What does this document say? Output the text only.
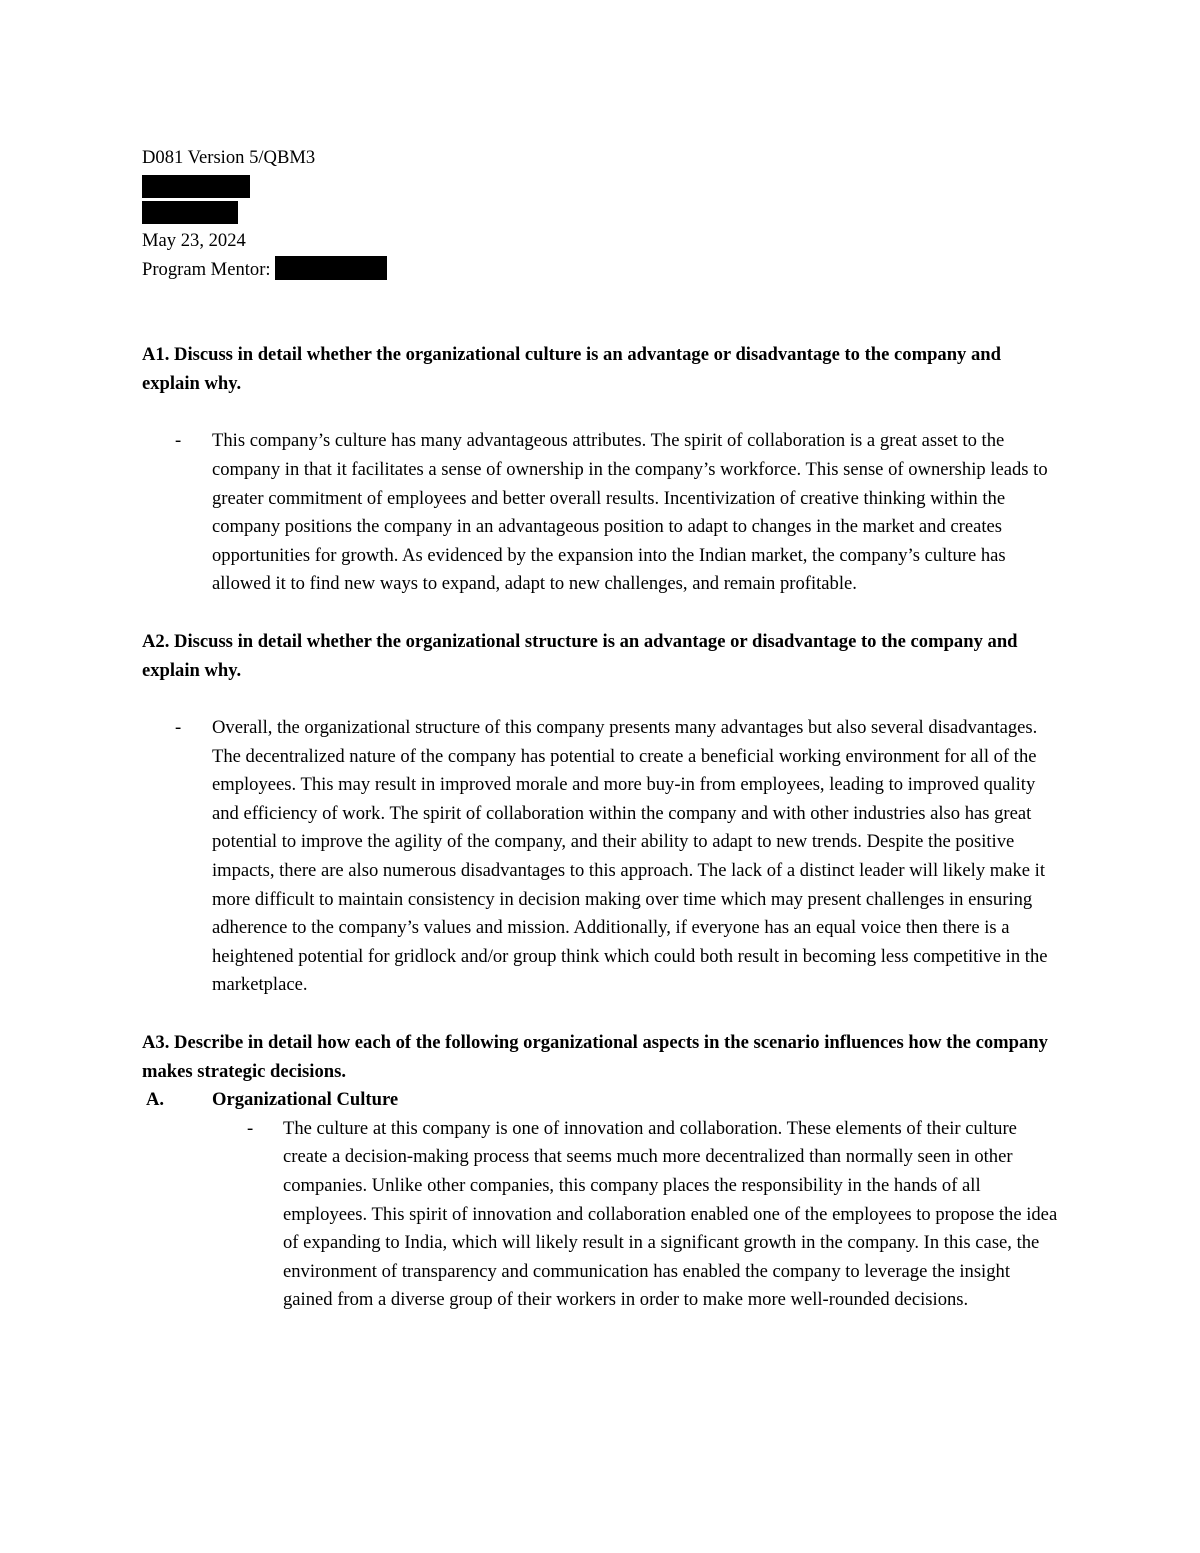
D081 Version 5/QBM3

May 23, 2024

Program Mentor:

A1. Discuss in detail whether the organizational culture is an advantage or disadvantage to the company and explain why.

- This company’s culture has many advantageous attributes. The spirit of collaboration is a great asset to the company in that it facilitates a sense of ownership in the company’s workforce. This sense of ownership leads to greater commitment of employees and better overall results. Incentivization of creative thinking within the company positions the company in an advantageous position to adapt to changes in the market and creates opportunities for growth. As evidenced by the expansion into the Indian market, the company’s culture has allowed it to find new ways to expand, adapt to new challenges, and remain profitable.

A2. Discuss in detail whether the organizational structure is an advantage or disadvantage to the company and explain why.

- Overall, the organizational structure of this company presents many advantages but also several disadvantages. The decentralized nature of the company has potential to create a beneficial working environment for all of the employees. This may result in improved morale and more buy-in from employees, leading to improved quality and efficiency of work. The spirit of collaboration within the company and with other industries also has great potential to improve the agility of the company, and their ability to adapt to new trends. Despite the positive impacts, there are also numerous disadvantages to this approach. The lack of a distinct leader will likely make it more difficult to maintain consistency in decision making over time which may present challenges in ensuring adherence to the company’s values and mission. Additionally, if everyone has an equal voice then there is a heightened potential for gridlock and/or group think which could both result in becoming less competitive in the marketplace.

A3. Describe in detail how each of the following organizational aspects in the scenario influences how the company makes strategic decisions.

A.	Organizational Culture

- The culture at this company is one of innovation and collaboration. These elements of their culture create a decision-making process that seems much more decentralized than normally seen in other companies. Unlike other companies, this company places the responsibility in the hands of all employees. This spirit of innovation and collaboration enabled one of the employees to propose the idea of expanding to India, which will likely result in a significant growth in the company. In this case, the environment of transparency and communication has enabled the company to leverage the insight gained from a diverse group of their workers in order to make more well-rounded decisions.
